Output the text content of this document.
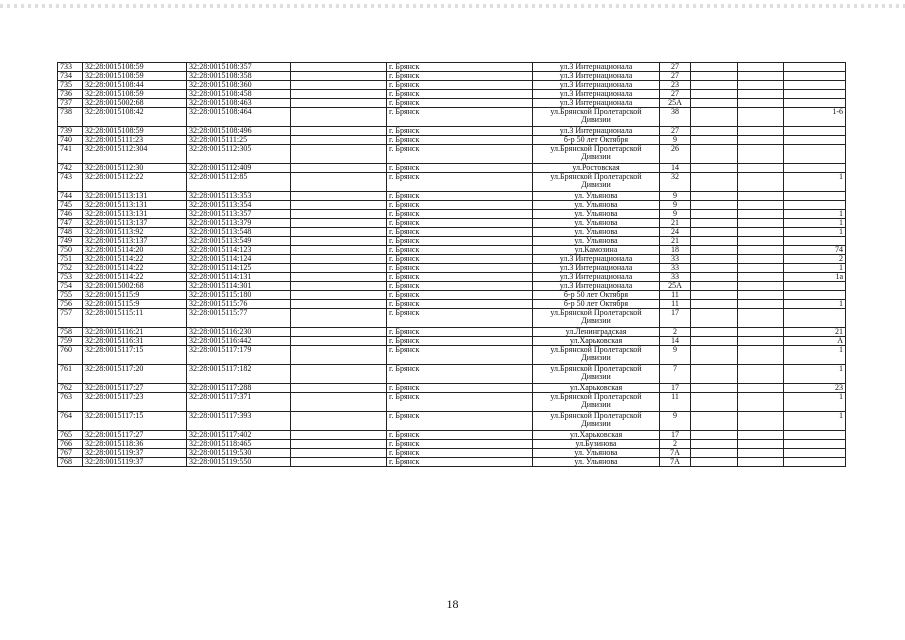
733	32:28:0015108:59	32:28:0015108:357		г. Брянск	ул.3 Интернационала	27			
734	32:28:0015108:59	32:28:0015108:358		г. Брянск	ул.3 Интернационала	27			
735	32:28:0015108:44	32:28:0015108:360		г. Брянск	ул.3 Интернационала	23			
736	32:28:0015108:59	32:28:0015108:458		г. Брянск	ул.3 Интернационала	27			
737	32:28:0015002:68	32:28:0015108:463		г. Брянск	ул.3 Интернационала	25А			
738	32:28:0015108:42	32:28:0015108:464		г. Брянск	ул.Брянской Пролетарской Дивизии	38			1-6
739	32:28:0015108:59	32:28:0015108:496		г. Брянск	ул.3 Интернационала	27			
740	32:28:0015111:23	32:28:0015111:25		г. Брянск	б-р 50 лет Октября	9			
741	32:28:0015112:304	32:28:0015112:305		г. Брянск	ул.Брянской Пролетарской Дивизии	26			
742	32:28:0015112:30	32:28:0015112:409		г. Брянск	ул.Ростовская	14			
743	32:28:0015112:22	32:28:0015112:85		г. Брянск	ул.Брянской Пролетарской Дивизии	32			1
744	32:28:0015113:131	32:28:0015113:353		г. Брянск	ул. Ульянова	9			
745	32:28:0015113:131	32:28:0015113:354		г. Брянск	ул. Ульянова	9			
746	32:28:0015113:131	32:28:0015113:357		г. Брянск	ул. Ульянова	9			1
747	32:28:0015113:137	32:28:0015113:379		г. Брянск	ул. Ульянова	21			1
748	32:28:0015113:92	32:28:0015113:548		г. Брянск	ул. Ульянова	24			1
749	32:28:0015113:137	32:28:0015113:549		г. Брянск	ул. Ульянова	21			
750	32:28:0015114:20	32:28:0015114:123		г. Брянск	ул.Камозина	18			74
751	32:28:0015114:22	32:28:0015114:124		г. Брянск	ул.3 Интернационала	33			2
752	32:28:0015114:22	32:28:0015114:125		г. Брянск	ул.3 Интернационала	33			1
753	32:28:0015114:22	32:28:0015114:131		г. Брянск	ул.3 Интернационала	33			1а
754	32:28:0015002:68	32:28:0015114:301		г. Брянск	ул.3 Интернационала	25А			
755	32:28:0015115:9	32:28:0015115:180		г. Брянск	б-р 50 лет Октября	11			
756	32:28:0015115:9	32:28:0015115:76		г. Брянск	б-р 50 лет Октября	11			1
757	32:28:0015115:11	32:28:0015115:77		г. Брянск	ул.Брянской Пролетарской Дивизии	17			
758	32:28:0015116:21	32:28:0015116:230		г. Брянск	ул.Ленинградская	2			21
759	32:28:0015116:31	32:28:0015116:442		г. Брянск	ул.Харьковская	14			А
760	32:28:0015117:15	32:28:0015117:179		г. Брянск	ул.Брянской Пролетарской Дивизии	9			1
761	32:28:0015117:20	32:28:0015117:182		г. Брянск	ул.Брянской Пролетарской Дивизии	7			1
762	32:28:0015117:27	32:28:0015117:288		г. Брянск	ул.Харьковская	17			23
763	32:28:0015117:23	32:28:0015117:371		г. Брянск	ул.Брянской Пролетарской Дивизии	11			1
764	32:28:0015117:15	32:28:0015117:393		г. Брянск	ул.Брянской Пролетарской Дивизии	9			1
765	32:28:0015117:27	32:28:0015117:402		г. Брянск	ул.Харьковская	17			
766	32:28:0015118:36	32:28:0015118:465		г. Брянск	ул.Бузинова	2			
767	32:28:0015119:37	32:28:0015119:530		г. Брянск	ул. Ульянова	7А			
768	32:28:0015119:37	32:28:0015119:550		г. Брянск	ул. Ульянова	7А			
18
